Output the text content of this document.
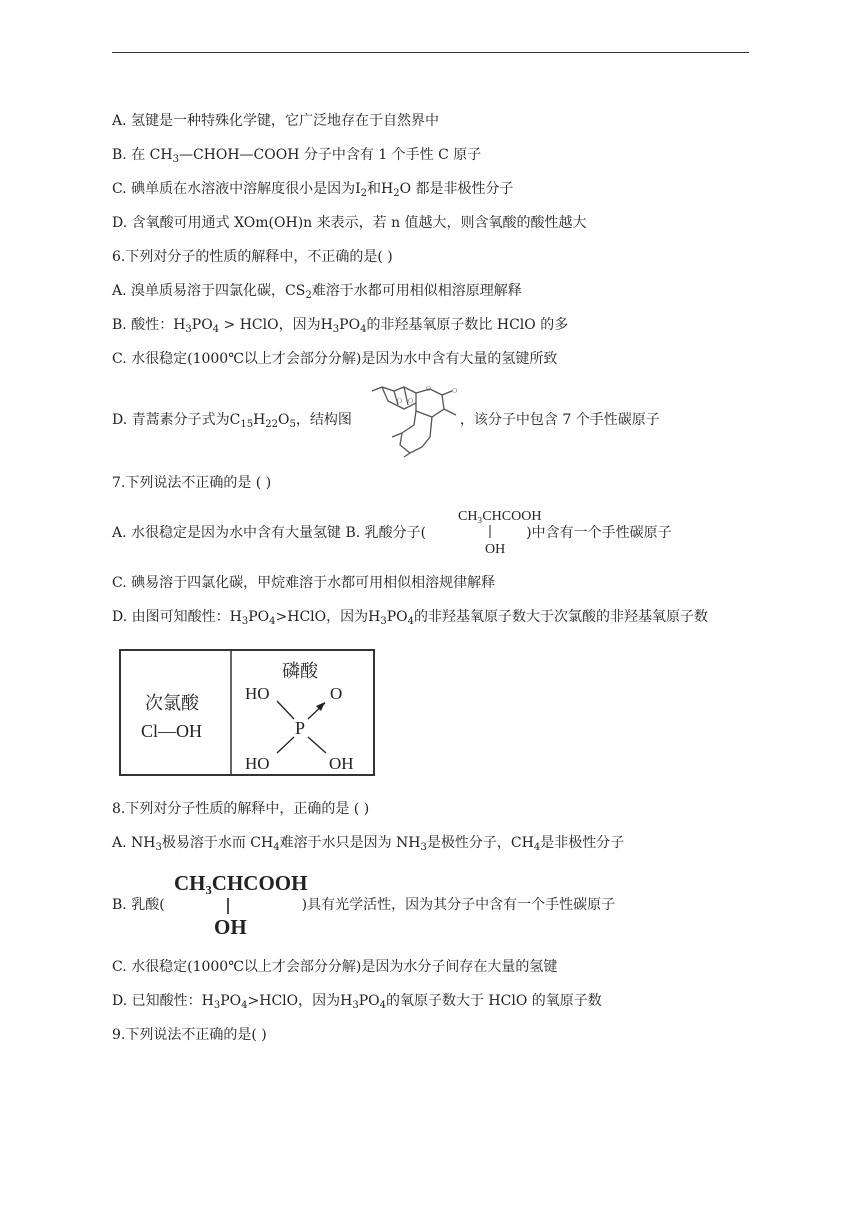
A. 氢键是一种特殊化学键，它广泛地存在于自然界中
B. 在 $CH_3—CHOH—COOH$ 分子中含有 1 个手性 C 原子
C. 碘单质在水溶液中溶解度很小是因为$I_2$和$H_2O$ 都是非极性分子
D. 含氧酸可用通式 XOm(OH)n 来表示，若 n 值越大，则含氧酸的酸性越大
6.下列对分子的性质的解释中，不正确的是( )
A. 溴单质易溶于四氯化碳，$CS_2$难溶于水都可用相似相溶原理解释
B. 酸性：$H_3PO_4$ > HClO，因为$H_3PO_4$的非羟基氧原子数比 HClO 的多
C. 水很稳定(1000℃以上才会部分分解)是因为水中含有大量的氢键所致
D. 青蒿素分子式为$C_{15}H_{22}O_5$，结构图	，该分子中包含 7 个手性碳原子
O O
O	O
7.下列说法不正确的是 ( )
A. 水很稳定是因为水中含有大量氢键 B. 乳酸分子(	)中含有一个手性碳原子
CH₃CHCOOH
OH
C. 碘易溶于四氯化碳，甲烷难溶于水都可用相似相溶规律解释
D. 由图可知酸性：$H_3PO_4>HClO$，因为$H_3PO_4$的非羟基氧原子数大于次氯酸的非羟基氧原子数
次氯酸
Cl—OH
磷酸
HO	O
P
HO	OH
8.下列对分子性质的解释中，正确的是 ( )
A. $NH_3$极易溶于水而 $CH_4$难溶于水只是因为 $NH_3$是极性分子，$CH_4$是非极性分子
B. 乳酸(	)具有光学活性，因为其分子中含有一个手性碳原子
CH₃CHCOOH
OH
C. 水很稳定(1000℃以上才会部分分解)是因为水分子间存在大量的氢键
D. 已知酸性：$H_3PO_4>HClO$，因为$H_3PO_4$的氧原子数大于 HClO 的氧原子数
9.下列说法不正确的是( )
